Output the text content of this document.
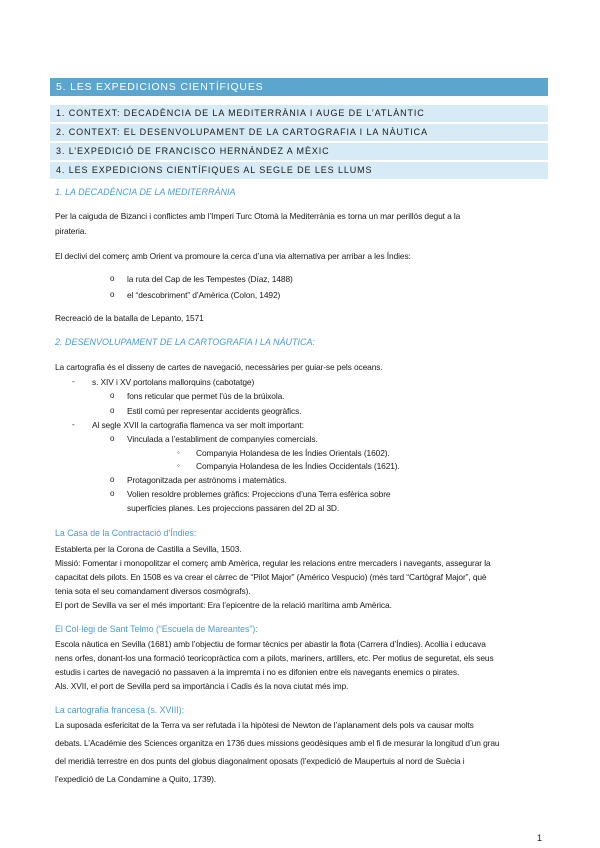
5. LES EXPEDICIONS CIENTÍFIQUES
1. CONTEXT: DECADÈNCIA DE LA MEDITERRÀNIA I AUGE DE L’ATLÀNTIC
2. CONTEXT: EL DESENVOLUPAMENT DE LA CARTOGRAFIA I LA NÀUTICA
3. L’EXPEDICIÓ DE FRANCISCO HERNÁNDEZ A MÈXIC
4. LES EXPEDICIONS CIENTÍFIQUES AL SEGLE DE LES LLUMS
1. LA DECADÈNCIA DE LA MEDITERRÀNIA
Per la caiguda de Bizanci i conflictes amb l’Imperi Turc Otomà la Mediterrània es torna un mar perillós degut a la
pirateria.
El declivi del comerç amb Orient va promoure la cerca d’una via alternativa per arribar a les Índies:
o la ruta del Cap de les Tempestes (Díaz, 1488)
o el “descobriment” d’Amèrica (Colon, 1492)
Recreació de la batalla de Lepanto, 1571
2. DESENVOLUPAMENT DE LA CARTOGRAFIA I LA NÀUTICA:
La cartografia és el disseny de cartes de navegació, necessàries per guiar-se pels oceans.
- s. XIV i XV portolans mallorquins (cabotatge)
o fons reticular que permet l’ús de la brúixola.
o Estil comú per representar accidents geogràfics.
- Al segle XVII la cartografia flamenca va ser molt important:
o Vinculada a l’establiment de companyies comercials.
◦ Companyia Holandesa de les Índies Orientals (1602).
◦ Companyia Holandesa de les Índies Occidentals (1621).
o Protagonitzada per astrònoms i matemàtics.
o Volien resoldre problemes gràfics: Projeccions d’una Terra esfèrica sobre
superfícies planes. Les projeccions passaren del 2D al 3D.
La Casa de la Contractació d’Índies:
Establerta per la Corona de Castilla a Sevilla, 1503.
Missió: Fomentar i monopolitzar el comerç amb Amèrica, regular les relacions entre mercaders i navegants, assegurar la
capacitat dels pilots. En 1508 es va crear el càrrec de “Pilot Major” (Américo Vespucio) (més tard “Cartògraf Major”, què
tenia sota el seu comandament diversos cosmògrafs).
El port de Sevilla va ser el més important: Era l’epicentre de la relació marítima amb Amèrica.
El Col·legi de Sant Telmo (“Escuela de Mareantes”):
Escola nàutica en Sevilla (1681) amb l’objectiu de formar tècnics per abastir la flota (Carrera d’Índies). Acollia i educava
nens orfes, donant-los una formació teoricopràctica com a pilots, mariners, artillers, etc. Per motius de seguretat, els seus
estudis i cartes de navegació no passaven a la impremta i no es difonien entre els navegants enemics o pirates.
Als. XVII, el port de Sevilla perd sa importància i Cadis és la nova ciutat més imp.
La cartografia francesa (s. XVIII):
La suposada esfericitat de la Terra va ser refutada i la hipòtesi de Newton de l’aplanament dels pols va causar molts
debats. L’Académie des Sciences organitza en 1736 dues missions geodèsiques amb el fi de mesurar la longitud d’un grau
del meridià terrestre en dos punts del globus diagonalment oposats (l’expedició de Maupertuis al nord de Suècia i
l’expedició de La Condamine a Quito, 1739).
1
